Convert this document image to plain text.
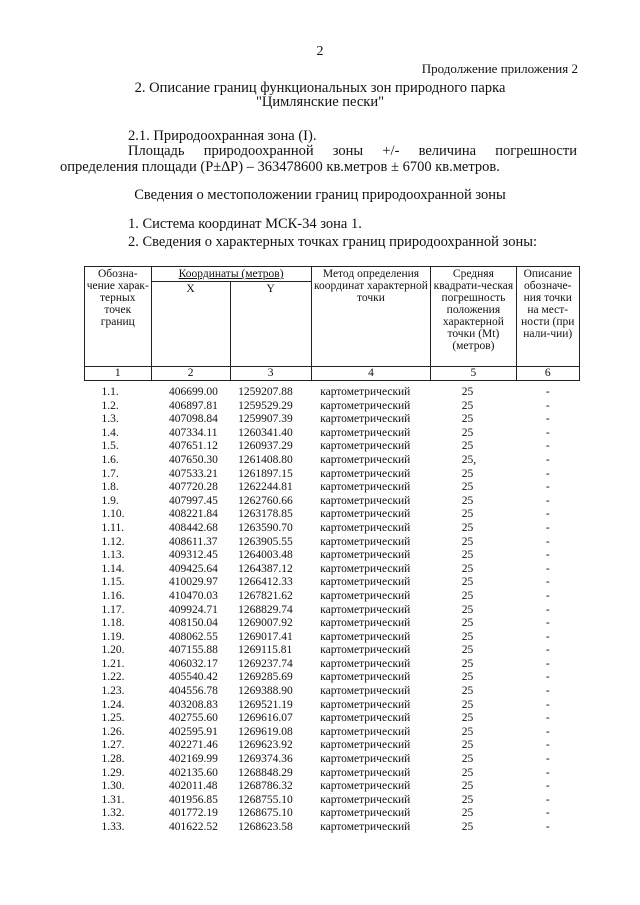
2
Продолжение приложения 2
2. Описание границ функциональных зон природного парка
"Цимлянские пески"
2.1. Природоохранная зона (I).
Площадь природоохранной зоны +/- величина погрешности
определения площади (Р±∆Р) – 363478600 кв.метров ± 6700 кв.метров.
Сведения о местоположении границ природоохранной зоны
1. Система координат МСК-34 зона 1.
2. Сведения о характерных точках границ природоохранной зоны:
Обозна-чение харак-терных точек границ	Координаты (метров)		Метод определения координат характерной точки	Средняя квадрати-ческая погрешность положения характерной точки (Mt) (метров)	Описание обозначе-ния точки на мест-ности (при нали-чии)
	X	Y			
1	2	3	4	5	6
1.1.	406699.00	1259207.88	картометрический	25	-
1.2.	406897.81	1259529.29	картометрический	25	-
1.3.	407098.84	1259907.39	картометрический	25	-
1.4.	407334.11	1260341.40	картометрический	25	-
1.5.	407651.12	1260937.29	картометрический	25	-
1.6.	407650.30	1261408.80	картометрический	25,	-
1.7.	407533.21	1261897.15	картометрический	25	-
1.8.	407720.28	1262244.81	картометрический	25	-
1.9.	407997.45	1262760.66	картометрический	25	-
1.10.	408221.84	1263178.85	картометрический	25	-
1.11.	408442.68	1263590.70	картометрический	25	-
1.12.	408611.37	1263905.55	картометрический	25	-
1.13.	409312.45	1264003.48	картометрический	25	-
1.14.	409425.64	1264387.12	картометрический	25	-
1.15.	410029.97	1266412.33	картометрический	25	-
1.16.	410470.03	1267821.62	картометрический	25	-
1.17.	409924.71	1268829.74	картометрический	25	-
1.18.	408150.04	1269007.92	картометрический	25	-
1.19.	408062.55	1269017.41	картометрический	25	-
1.20.	407155.88	1269115.81	картометрический	25	-
1.21.	406032.17	1269237.74	картометрический	25	-
1.22.	405540.42	1269285.69	картометрический	25	-
1.23.	404556.78	1269388.90	картометрический	25	-
1.24.	403208.83	1269521.19	картометрический	25	-
1.25.	402755.60	1269616.07	картометрический	25	-
1.26.	402595.91	1269619.08	картометрический	25	-
1.27.	402271.46	1269623.92	картометрический	25	-
1.28.	402169.99	1269374.36	картометрический	25	-
1.29.	402135.60	1268848.29	картометрический	25	-
1.30.	402011.48	1268786.32	картометрический	25	-
1.31.	401956.85	1268755.10	картометрический	25	-
1.32.	401772.19	1268675.10	картометрический	25	-
1.33.	401622.52	1268623.58	картометрический	25	-
